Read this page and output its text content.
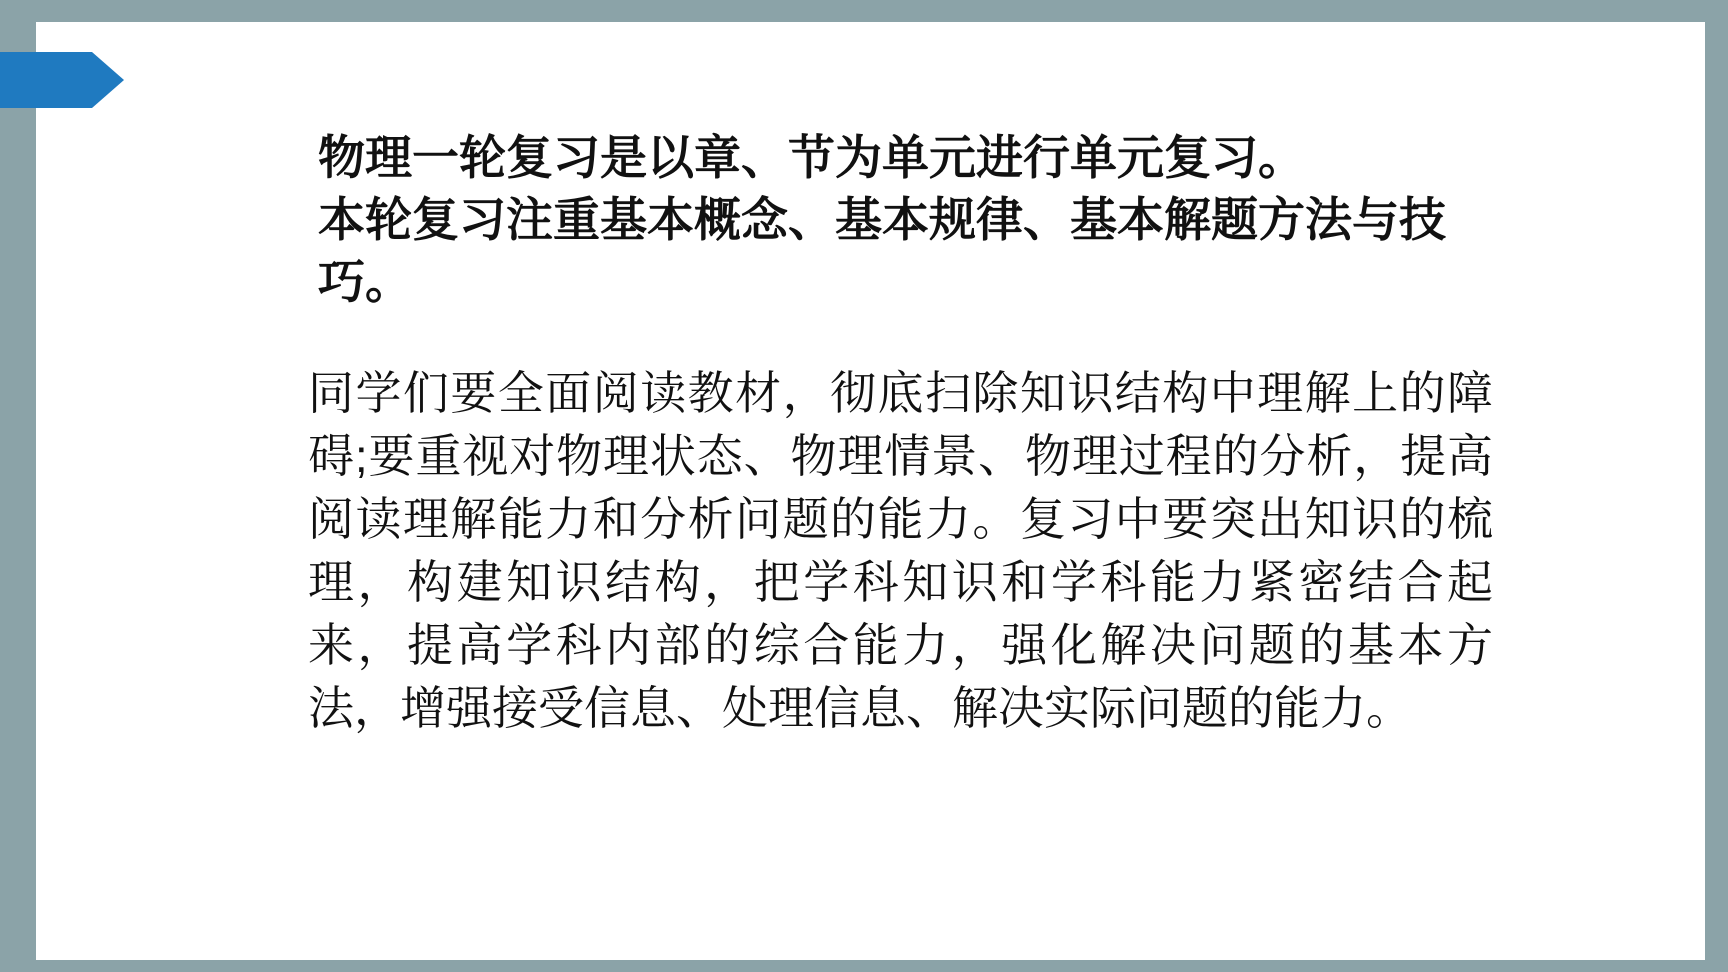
物理一轮复习是以章、节为单元进行单元复习。
本轮复习注重基本概念、基本规律、基本解题方法与技巧。
同学们要全面阅读教材，彻底扫除知识结构中理解上的障碍;要重视对物理状态、物理情景、物理过程的分析，提高阅读理解能力和分析问题的能力。复习中要突出知识的梳理，构建知识结构，把学科知识和学科能力紧密结合起来，提高学科内部的综合能力，强化解决问题的基本方法，增强接受信息、处理信息、解决实际问题的能力。
